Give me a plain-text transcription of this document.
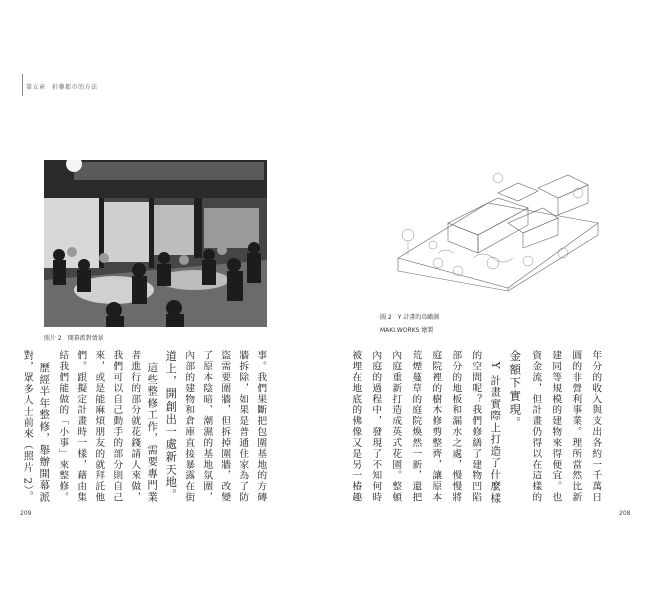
第五章　折疊都市的方法
照片 2　開幕派對情景
圖 2　Y 計畫的鳥瞰圖
MAKI.WORKS 繪製
年分的收入與支出各約一千萬日
圓的非營利事業。理所當然比新
建同等規模的建物來得便宜。也
資金流，但計畫仍得以在這樣的
金額下實現。
　Y 計畫實際上打造了什麼樣
的空間呢？我們修繕了建物凹陷
部分的地板和漏水之處，慢慢將
庭院裡的樹木修剪整齊，讓原本
荒煙蔓草的庭院煥然一新，還把
內庭重新打造成英式花園。整頓
內庭的過程中，發現了不知何時
被埋在地底的佛像又是另一椿趣
事。我們果斷把包圍基地的方磚
牆拆除，如果是普通住家為了防
盜需要圍牆，但拆掉圍牆，改變
了原本陰暗、潮濕的基地氛圍，
內部的建物和倉庫直接暴露在街
道上，開創出一處新天地。
　這些整修工作，需要專門業
者進行的部分就花錢請人來做，
我們可以自己動手的部分則自己
來，或是能麻煩朋友的就拜託他
們。跟擬定計畫時一樣，藉由集
結我們能做的「小事」來整修。
　歷經半年整修，舉辦開幕派
對，眾多人士前來（照片 2）。
209	208
